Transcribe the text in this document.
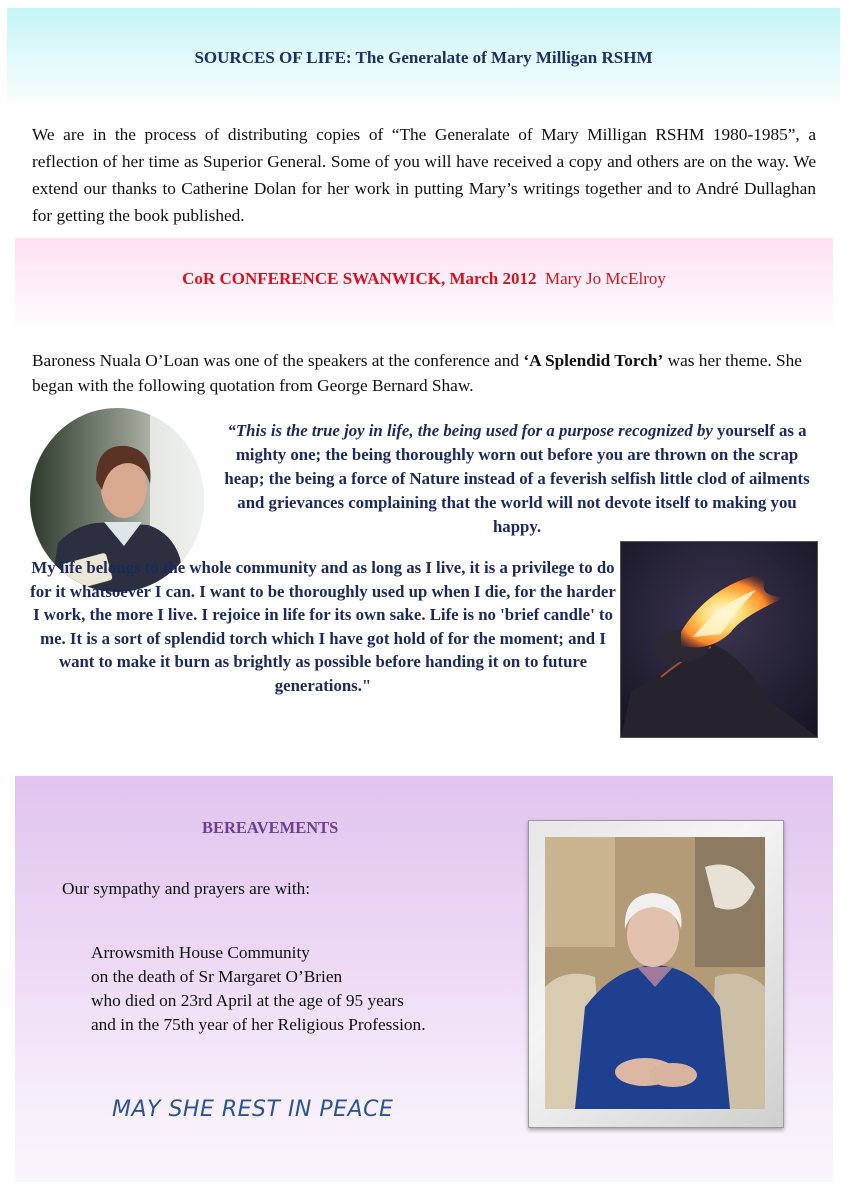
SOURCES OF LIFE: The Generalate of Mary Milligan RSHM
We are in the process of distributing copies of “The Generalate of Mary Milligan RSHM 1980-1985”, a reflection of her time as Superior General. Some of you will have received a copy and others are on the way. We extend our thanks to Catherine Dolan for her work in putting Mary’s writings together and to André Dullaghan for getting the book published.
CoR CONFERENCE SWANWICK, March 2012 Mary Jo McElroy
Baroness Nuala O’Loan was one of the speakers at the conference and ‘A Splendid Torch’ was her theme. She began with the following quotation from George Bernard Shaw.
“This is the true joy in life, the being used for a purpose recognized by yourself as a mighty one; the being thoroughly worn out before you are thrown on the scrap heap; the being a force of Nature instead of a feverish selfish little clod of ailments and grievances complaining that the world will not devote itself to making you happy.
My life belongs to the whole community and as long as I live, it is a privilege to do for it whatsoever I can. I want to be thoroughly used up when I die, for the harder I work, the more I live. I rejoice in life for its own sake. Life is no 'brief candle' to me. It is a sort of splendid torch which I have got hold of for the moment; and I want to make it burn as brightly as possible before handing it on to future generations."
BEREAVEMENTS
Our sympathy and prayers are with:
Arrowsmith House Community
on the death of Sr Margaret O’Brien
who died on 23rd April at the age of 95 years
and in the 75th year of her Religious Profession.
MAY SHE REST IN PEACE
